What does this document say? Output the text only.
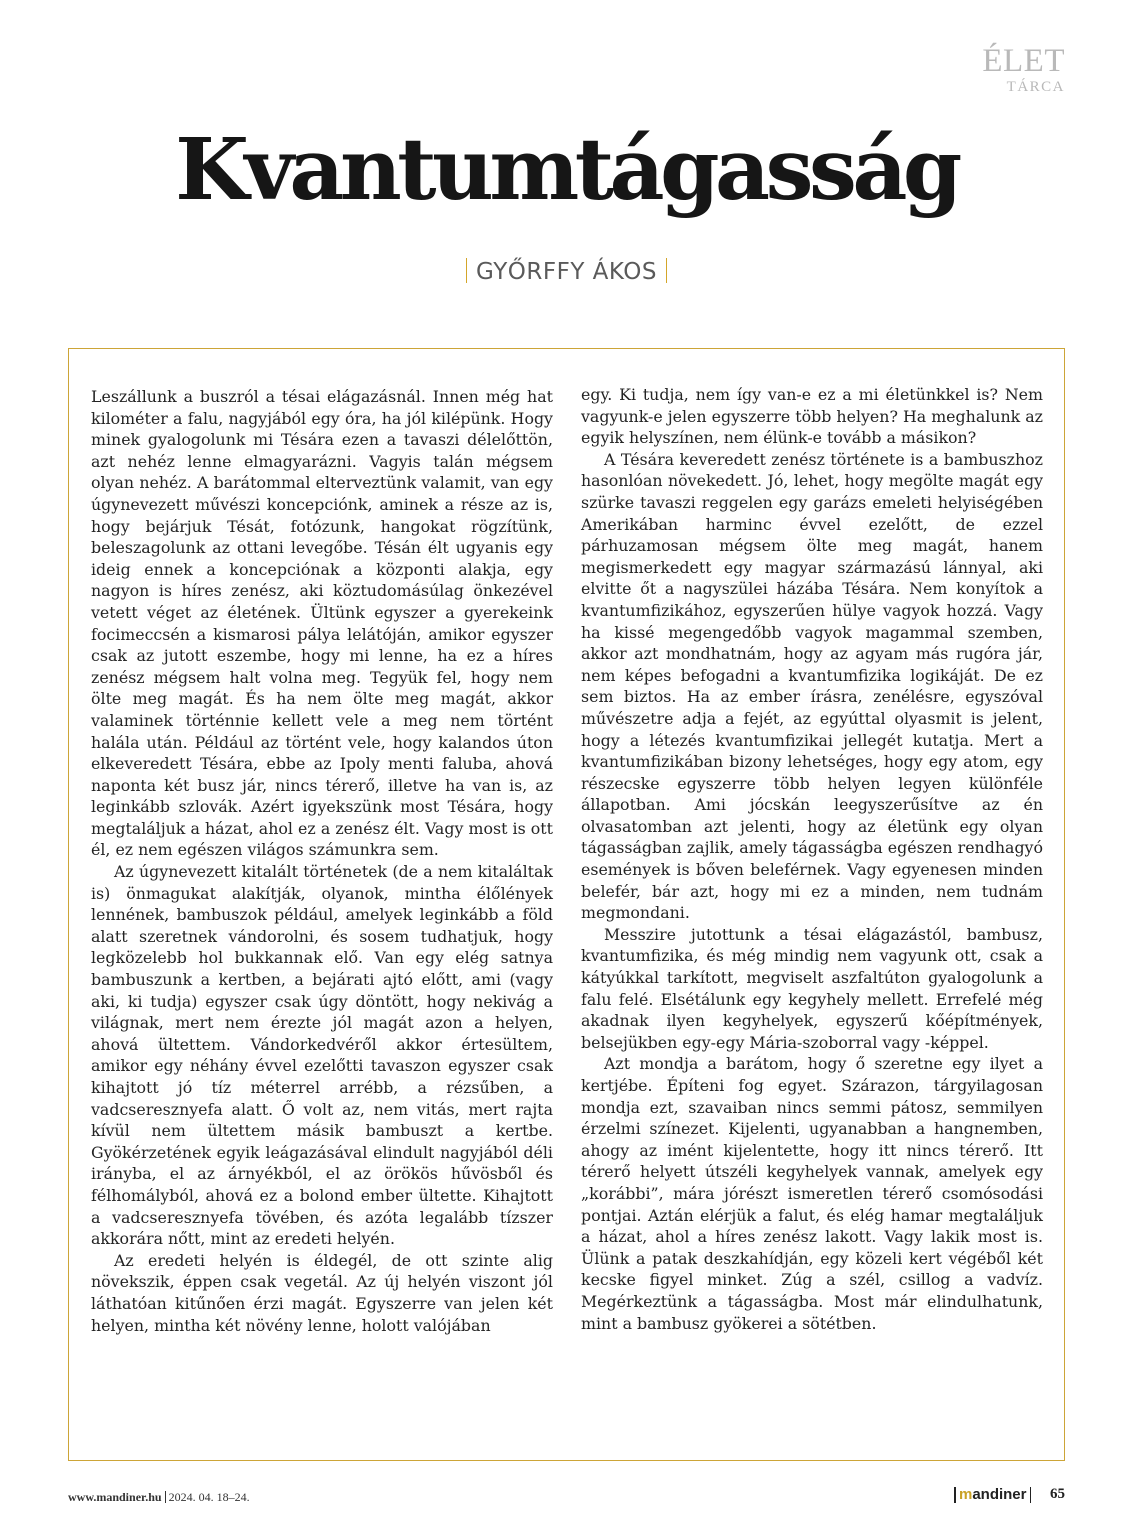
ÉLET
TÁRCA
Kvantumtágasság
GYŐRFFY ÁKOS

Leszállunk a buszról a tésai elágazásnál. Innen még hat kilométer a falu, nagyjából egy óra, ha jól kilépünk. Hogy minek gyalogolunk mi Tésára ezen a tavaszi délelőttön, azt nehéz lenne elmagyarázni. Vagyis talán mégsem olyan nehéz. A barátommal elterveztünk valamit, van egy úgynevezett művészi koncepciónk, aminek a része az is, hogy bejárjuk Tésát, fotózunk, hangokat rögzítünk, beleszagolunk az ottani levegőbe. Tésán élt ugyanis egy ideig ennek a koncepciónak a központi alakja, egy nagyon is híres zenész, aki köztudomásúlag önkezével vetett véget az életének. Ültünk egyszer a gyerekeink focimeccsén a kismarosi pálya lelátóján, amikor egyszer csak az jutott eszembe, hogy mi lenne, ha ez a híres zenész mégsem halt volna meg. Tegyük fel, hogy nem ölte meg magát. És ha nem ölte meg magát, akkor valaminek történnie kellett vele a meg nem történt halála után. Például az történt vele, hogy kalandos úton elkeveredett Tésára, ebbe az Ipoly menti faluba, ahová naponta két busz jár, nincs térerő, illetve ha van is, az leginkább szlovák. Azért igyekszünk most Tésára, hogy megtaláljuk a házat, ahol ez a zenész élt. Vagy most is ott él, ez nem egészen világos számunkra sem.

Az úgynevezett kitalált történetek (de a nem kitaláltak is) önmagukat alakítják, olyanok, mintha élőlények lennének, bambuszok például, amelyek leginkább a föld alatt szeretnek vándorolni, és sosem tudhatjuk, hogy legközelebb hol bukkannak elő. Van egy elég satnya bambuszunk a kertben, a bejárati ajtó előtt, ami (vagy aki, ki tudja) egyszer csak úgy döntött, hogy nekivág a világnak, mert nem érezte jól magát azon a helyen, ahová ültettem. Vándorkedvéről akkor értesültem, amikor egy néhány évvel ezelőtti tavaszon egyszer csak kihajtott jó tíz méterrel arrébb, a rézsűben, a vadcseresznyefa alatt. Ő volt az, nem vitás, mert rajta kívül nem ültettem másik bambuszt a kertbe. Gyökérzetének egyik leágazásával elindult nagyjából déli irányba, el az árnyékból, el az örökös hűvösből és félhomályból, ahová ez a bolond ember ültette. Kihajtott a vadcseresznyefa tövében, és azóta legalább tízszer akkorára nőtt, mint az eredeti helyén.

Az eredeti helyén is éldegél, de ott szinte alig növekszik, éppen csak vegetál. Az új helyén viszont jól láthatóan kitűnően érzi magát. Egyszerre van jelen két helyen, mintha két növény lenne, holott valójában

egy. Ki tudja, nem így van-e ez a mi életünkkel is? Nem vagyunk-e jelen egyszerre több helyen? Ha meghalunk az egyik helyszínen, nem élünk-e tovább a másikon?

A Tésára keveredett zenész története is a bambuszhoz hasonlóan növekedett. Jó, lehet, hogy megölte magát egy szürke tavaszi reggelen egy garázs emeleti helyiségében Amerikában harminc évvel ezelőtt, de ezzel párhuzamosan mégsem ölte meg magát, hanem megismerkedett egy magyar származású lánnyal, aki elvitte őt a nagyszülei házába Tésára. Nem konyítok a kvantumfizikához, egyszerűen hülye vagyok hozzá. Vagy ha kissé megengedőbb vagyok magammal szemben, akkor azt mondhatnám, hogy az agyam más rugóra jár, nem képes befogadni a kvantumfizika logikáját. De ez sem biztos. Ha az ember írásra, zenélésre, egyszóval művészetre adja a fejét, az egyúttal olyasmit is jelent, hogy a létezés kvantumfizikai jellegét kutatja. Mert a kvantumfizikában bizony lehetséges, hogy egy atom, egy részecske egyszerre több helyen legyen különféle állapotban. Ami jócskán leegyszerűsítve az én olvasatomban azt jelenti, hogy az életünk egy olyan tágasságban zajlik, amely tágasságba egészen rendhagyó események is bőven beleférnek. Vagy egyenesen minden belefér, bár azt, hogy mi ez a minden, nem tudnám megmondani.

Messzire jutottunk a tésai elágazástól, bambusz, kvantumfizika, és még mindig nem vagyunk ott, csak a kátyúkkal tarkított, megviselt aszfaltúton gyalogolunk a falu felé. Elsétálunk egy kegyhely mellett. Errefelé még akadnak ilyen kegyhelyek, egyszerű kőépítmények, belsejükben egy-egy Mária-szoborral vagy -képpel.

Azt mondja a barátom, hogy ő szeretne egy ilyet a kertjébe. Építeni fog egyet. Szárazon, tárgyilagosan mondja ezt, szavaiban nincs semmi pátosz, semmilyen érzelmi színezet. Kijelenti, ugyanabban a hangnemben, ahogy az imént kijelentette, hogy itt nincs térerő. Itt térerő helyett útszéli kegyhelyek vannak, amelyek egy „korábbi”, mára jórészt ismeretlen térerő csomósodási pontjai. Aztán elérjük a falut, és elég hamar megtaláljuk a házat, ahol a híres zenész lakott. Vagy lakik most is. Ülünk a patak deszkahídján, egy közeli kert végéből két kecske figyel minket. Zúg a szél, csillog a vadvíz. Megérkeztünk a tágasságba. Most már elindulhatunk, mint a bambusz gyökerei a sötétben.

www.mandiner.hu 2024. 04. 18–24.	mandiner 65
